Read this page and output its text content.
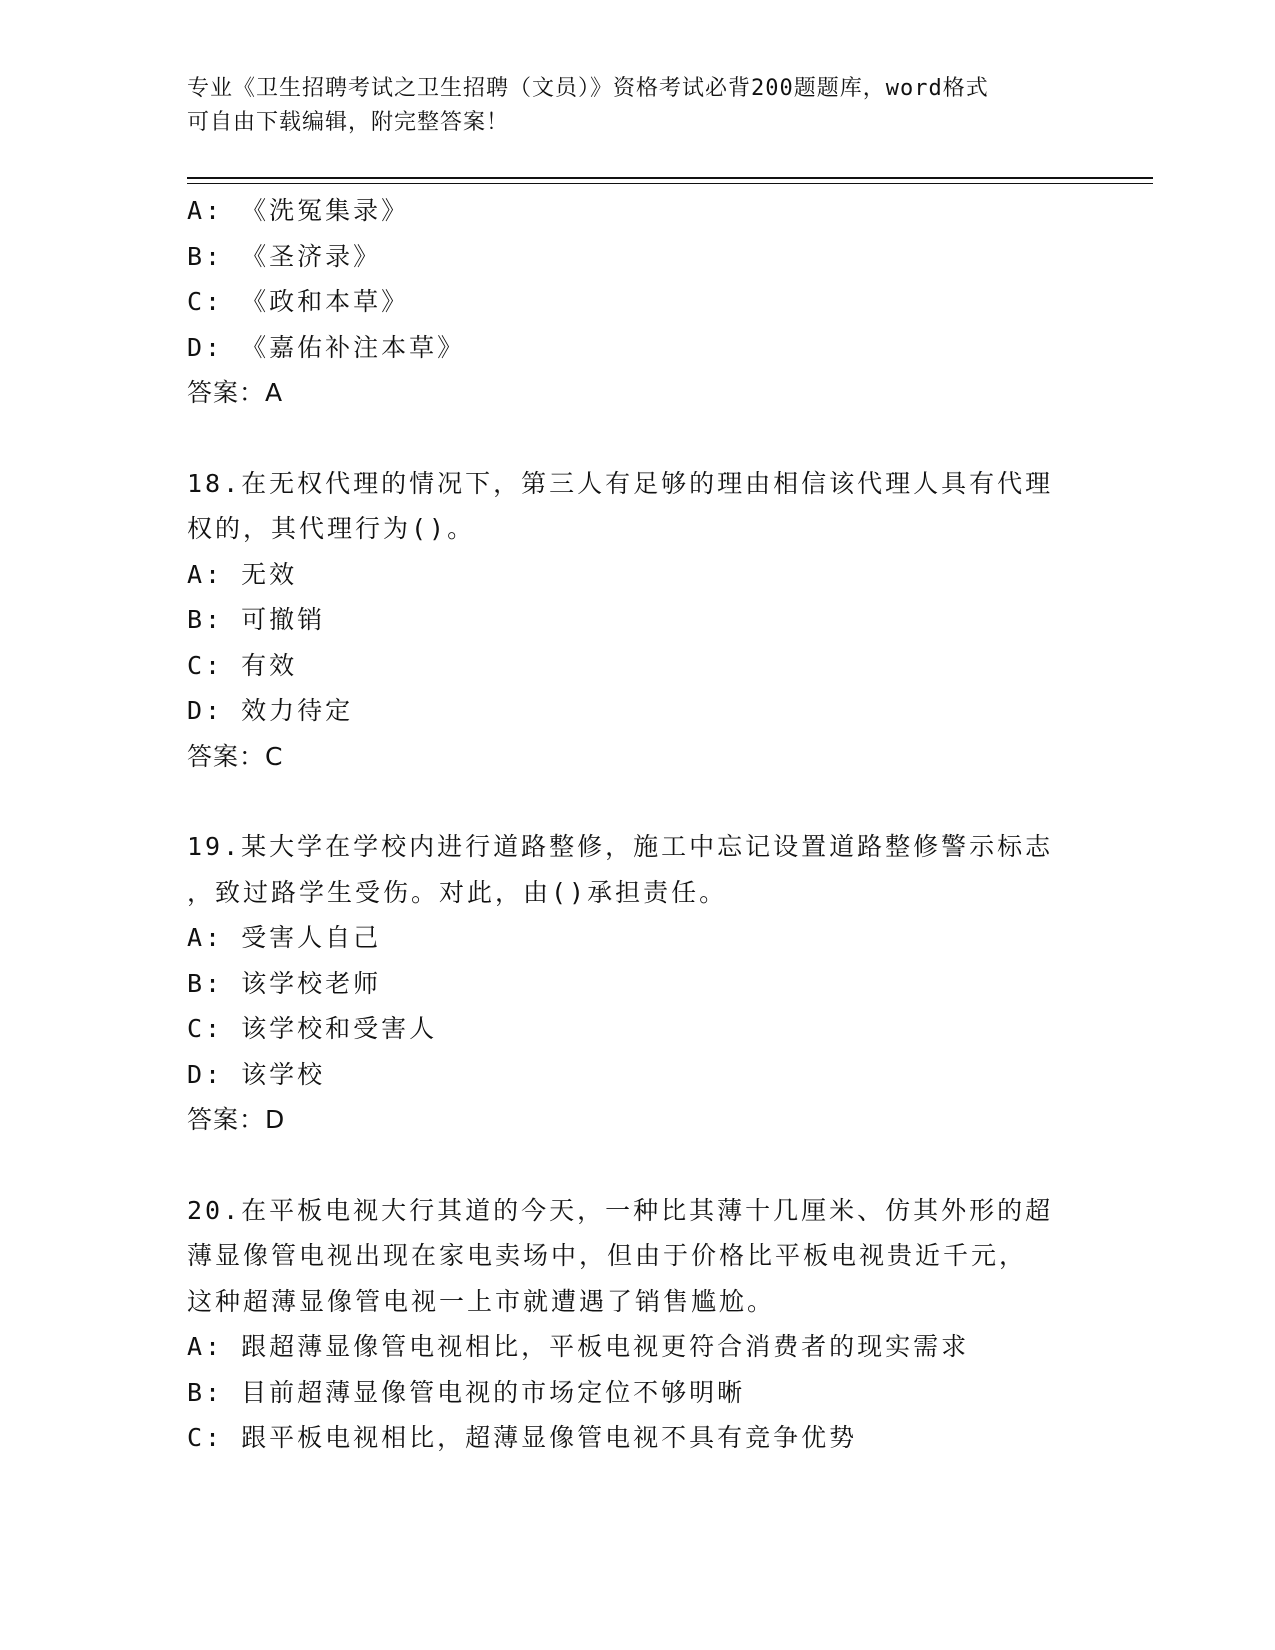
专业《卫生招聘考试之卫生招聘（文员）》资格考试必背200题题库，word格式
可自由下载编辑，附完整答案！
A: 《洗冤集录》
B: 《圣济录》
C: 《政和本草》
D: 《嘉佑补注本草》
答案：A
18.在无权代理的情况下，第三人有足够的理由相信该代理人具有代理
权的，其代理行为()。
A: 无效
B: 可撤销
C: 有效
D: 效力待定
答案：C
19.某大学在学校内进行道路整修，施工中忘记设置道路整修警示标志
，致过路学生受伤。对此，由()承担责任。
A: 受害人自己
B: 该学校老师
C: 该学校和受害人
D: 该学校
答案：D
20.在平板电视大行其道的今天，一种比其薄十几厘米、仿其外形的超
薄显像管电视出现在家电卖场中，但由于价格比平板电视贵近千元，
这种超薄显像管电视一上市就遭遇了销售尴尬。
A: 跟超薄显像管电视相比，平板电视更符合消费者的现实需求
B: 目前超薄显像管电视的市场定位不够明晰
C: 跟平板电视相比，超薄显像管电视不具有竞争优势
